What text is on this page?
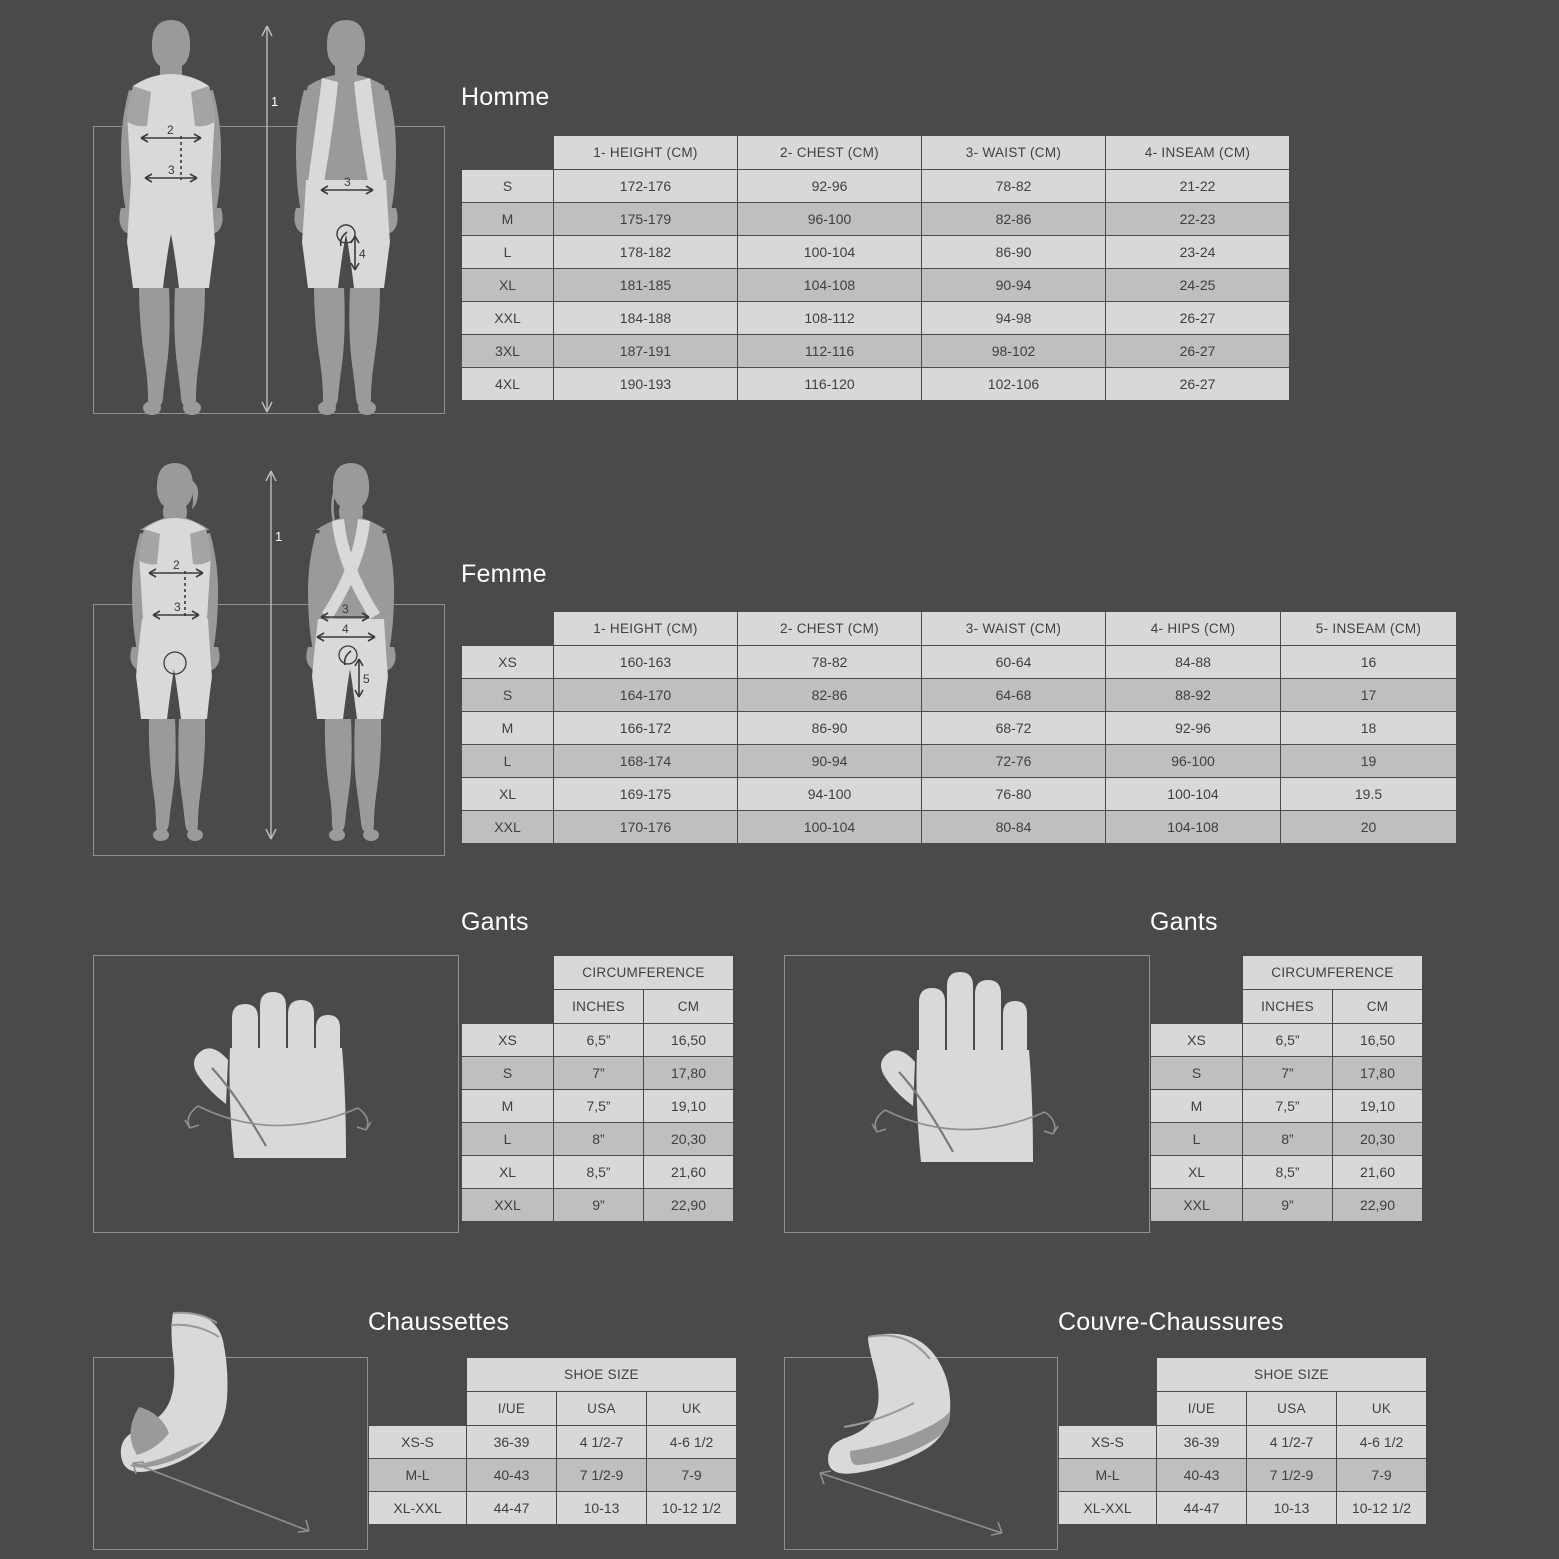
2
3
1
3
4
Homme
	1- HEIGHT (CM)	2- CHEST (CM)	3- WAIST (CM)	4- INSEAM (CM)
S	172-176	92-96	78-82	21-22
M	175-179	96-100	82-86	22-23
L	178-182	100-104	86-90	23-24
XL	181-185	104-108	90-94	24-25
XXL	184-188	108-112	94-98	26-27
3XL	187-191	112-116	98-102	26-27
4XL	190-193	116-120	102-106	26-27
2
3
1
3
4
5
Femme
	1- HEIGHT (CM)	2- CHEST (CM)	3- WAIST (CM)	4- HIPS (CM)	5- INSEAM (CM)
XS	160-163	78-82	60-64	84-88	16
S	164-170	82-86	64-68	88-92	17
M	166-172	86-90	68-72	92-96	18
L	168-174	90-94	72-76	96-100	19
XL	169-175	94-100	76-80	100-104	19.5
XXL	170-176	100-104	80-84	104-108	20
Gants
	CIRCUMFERENCE	
	INCHES	CM
XS	6,5”	16,50
S	7”	17,80
M	7,5”	19,10
L	8”	20,30
XL	8,5”	21,60
XXL	9”	22,90
Gants
	CIRCUMFERENCE	
	INCHES	CM
XS	6,5”	16,50
S	7”	17,80
M	7,5”	19,10
L	8”	20,30
XL	8,5”	21,60
XXL	9”	22,90
Chaussettes
	SHOE SIZE		
	I/UE	USA	UK
XS-S	36-39	4 1/2-7	4-6 1/2
M-L	40-43	7 1/2-9	7-9
XL-XXL	44-47	10-13	10-12 1/2
Couvre-Chaussures
	SHOE SIZE		
	I/UE	USA	UK
XS-S	36-39	4 1/2-7	4-6 1/2
M-L	40-43	7 1/2-9	7-9
XL-XXL	44-47	10-13	10-12 1/2
